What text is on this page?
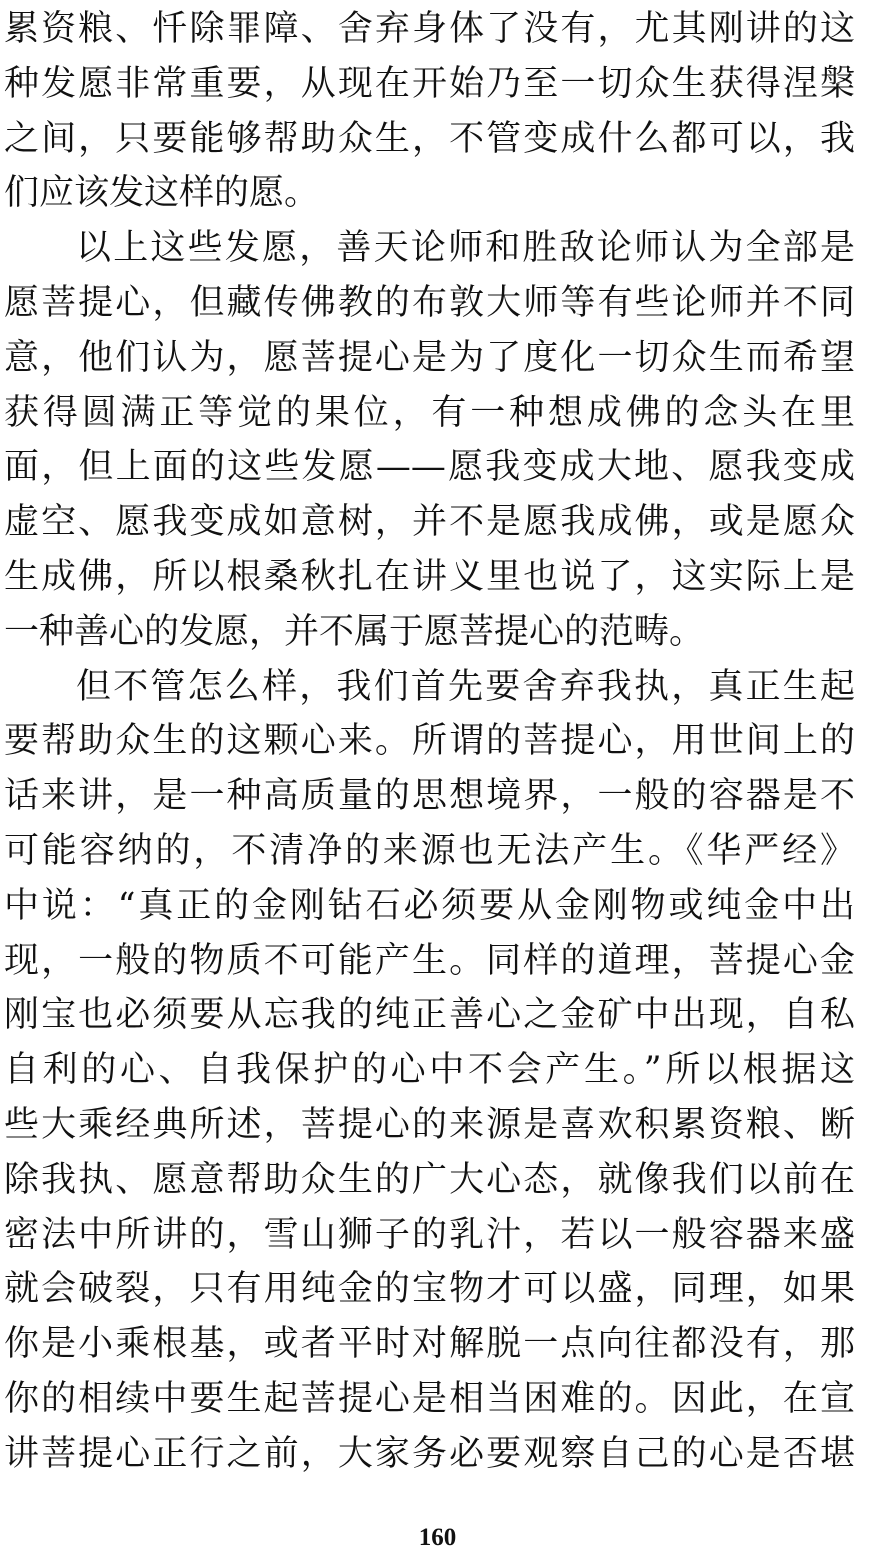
累资粮、忏除罪障、舍弃身体了没有，尤其刚讲的这
种发愿非常重要，从现在开始乃至一切众生获得涅槃
之间，只要能够帮助众生，不管变成什么都可以，我
们应该发这样的愿。
以上这些发愿，善天论师和胜敌论师认为全部是
愿菩提心，但藏传佛教的布敦大师等有些论师并不同
意，他们认为，愿菩提心是为了度化一切众生而希望
获得圆满正等觉的果位，有一种想成佛的念头在里
面，但上面的这些发愿——愿我变成大地、愿我变成
虚空、愿我变成如意树，并不是愿我成佛，或是愿众
生成佛，所以根桑秋扎在讲义里也说了，这实际上是
一种善心的发愿，并不属于愿菩提心的范畴。
但不管怎么样，我们首先要舍弃我执，真正生起
要帮助众生的这颗心来。所谓的菩提心，用世间上的
话来讲，是一种高质量的思想境界，一般的容器是不
可能容纳的，不清净的来源也无法产生。《华严经》
中说：“真正的金刚钻石必须要从金刚物或纯金中出
现，一般的物质不可能产生。同样的道理，菩提心金
刚宝也必须要从忘我的纯正善心之金矿中出现，自私
自利的心、自我保护的心中不会产生。”所以根据这
些大乘经典所述，菩提心的来源是喜欢积累资粮、断
除我执、愿意帮助众生的广大心态，就像我们以前在
密法中所讲的，雪山狮子的乳汁，若以一般容器来盛
就会破裂，只有用纯金的宝物才可以盛，同理，如果
你是小乘根基，或者平时对解脱一点向往都没有，那
你的相续中要生起菩提心是相当困难的。因此，在宣
讲菩提心正行之前，大家务必要观察自己的心是否堪
160
